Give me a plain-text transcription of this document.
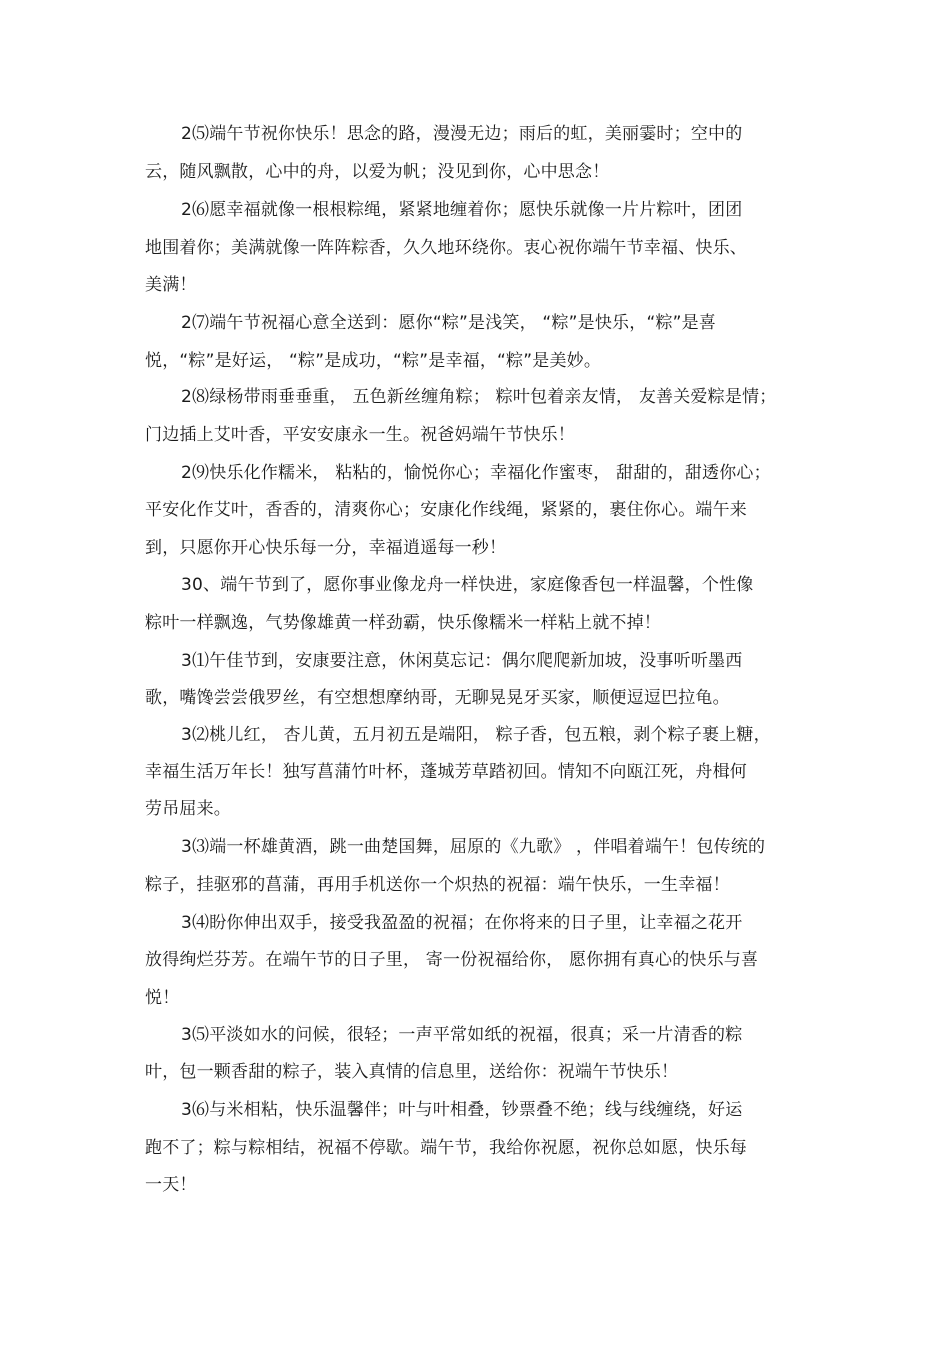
2⑸端午节祝你快乐！思念的路，漫漫无边；雨后的虹，美丽霎时；空中的
云，随风飘散，心中的舟，以爱为帆；没见到你，心中思念！
2⑹愿幸福就像一根根粽绳，紧紧地缠着你；愿快乐就像一片片粽叶，团团
地围着你；美满就像一阵阵粽香，久久地环绕你。衷心祝你端午节幸福、快乐、
美满！
2⑺端午节祝福心意全送到：愿你“粽”是浅笑， “粽”是快乐，“粽”是喜
悦，“粽”是好运， “粽”是成功，“粽”是幸福，“粽”是美妙。
2⑻绿杨带雨垂垂重， 五色新丝缠角粽； 粽叶包着亲友情， 友善关爱粽是情；
门边插上艾叶香，平安安康永一生。祝爸妈端午节快乐！
2⑼快乐化作糯米， 粘粘的，愉悦你心；幸福化作蜜枣， 甜甜的，甜透你心；
平安化作艾叶，香香的，清爽你心；安康化作线绳，紧紧的，裹住你心。端午来
到，只愿你开心快乐每一分，幸福逍遥每一秒！
30、端午节到了，愿你事业像龙舟一样快进，家庭像香包一样温馨，个性像
粽叶一样飘逸，气势像雄黄一样劲霸，快乐像糯米一样粘上就不掉！
3⑴午佳节到，安康要注意，休闲莫忘记：偶尔爬爬新加坡，没事听听墨西
歌，嘴馋尝尝俄罗丝，有空想想摩纳哥，无聊晃晃牙买家，顺便逗逗巴拉龟。
3⑵桃儿红， 杏儿黄，五月初五是端阳， 粽子香，包五粮，剥个粽子裹上糖，
幸福生活万年长！独写菖蒲竹叶杯，蓬城芳草踏初回。情知不向瓯江死，舟楫何
劳吊屈来。
3⑶端一杯雄黄酒，跳一曲楚国舞，屈原的《九歌》 ，伴唱着端午！包传统的
粽子，挂驱邪的菖蒲，再用手机送你一个炽热的祝福：端午快乐，一生幸福！
3⑷盼你伸出双手，接受我盈盈的祝福；在你将来的日子里，让幸福之花开
放得绚烂芬芳。在端午节的日子里， 寄一份祝福给你， 愿你拥有真心的快乐与喜
悦！
3⑸平淡如水的问候，很轻；一声平常如纸的祝福，很真；采一片清香的粽
叶，包一颗香甜的粽子，装入真情的信息里，送给你：祝端午节快乐！
3⑹与米相粘，快乐温馨伴；叶与叶相叠，钞票叠不绝；线与线缠绕，好运
跑不了；粽与粽相结，祝福不停歇。端午节，我给你祝愿，祝你总如愿，快乐每
一天！
